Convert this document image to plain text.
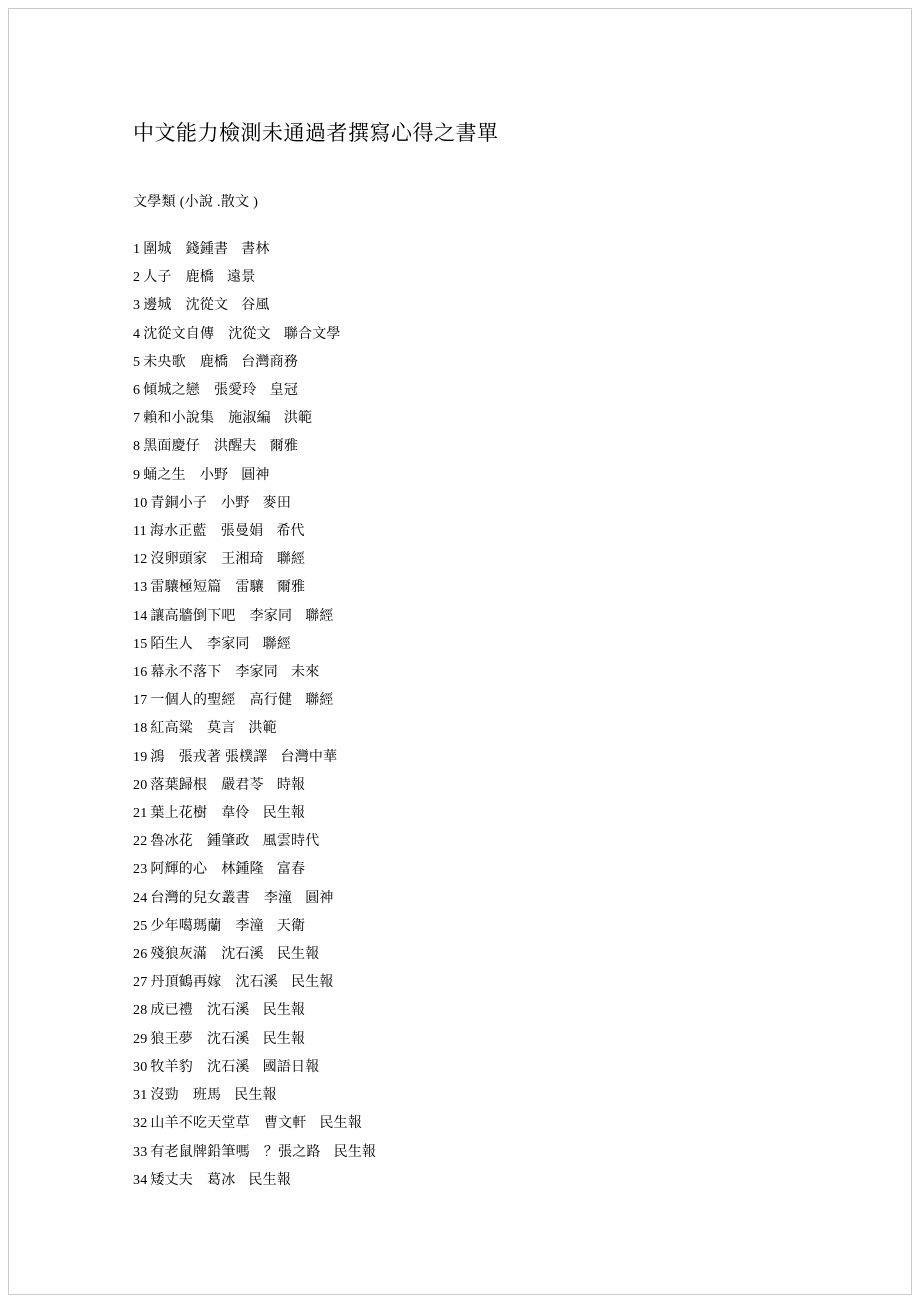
中文能力檢測未通過者撰寫心得之書單
文學類 (小說 .散文 )
1 圍城 錢鍾書 書林
2 人子 鹿橋 遠景
3 邊城 沈從文 谷風
4 沈從文自傳 沈從文 聯合文學
5 未央歌 鹿橋 台灣商務
6 傾城之戀 張愛玲 皇冠
7 賴和小說集 施淑編 洪範
8 黑面慶仔 洪醒夫 爾雅
9 蛹之生 小野 圓神
10 青銅小子 小野 麥田
11 海水正藍 張曼娟 希代
12 沒卵頭家 王湘琦 聯經
13 雷驤極短篇 雷驤 爾雅
14 讓高牆倒下吧 李家同 聯經
15 陌生人 李家同 聯經
16 幕永不落下 李家同 未來
17 一個人的聖經 高行健 聯經
18 紅高粱 莫言 洪範
19 鴻 張戎著 張樸譯 台灣中華
20 落葉歸根 嚴君苓 時報
21 葉上花樹 韋伶 民生報
22 魯冰花 鍾肇政 風雲時代
23 阿輝的心 林鍾隆 富春
24 台灣的兒女叢書 李潼 圓神
25 少年噶瑪蘭 李潼 天衛
26 殘狼灰滿 沈石溪 民生報
27 丹頂鶴再嫁 沈石溪 民生報
28 成已禮 沈石溪 民生報
29 狼王夢 沈石溪 民生報
30 牧羊豹 沈石溪 國語日報
31 沒勁 班馬 民生報
32 山羊不吃天堂草 曹文軒 民生報
33 有老鼠牌鉛筆嗎 ？張之路 民生報
34 矮丈夫 葛冰 民生報
